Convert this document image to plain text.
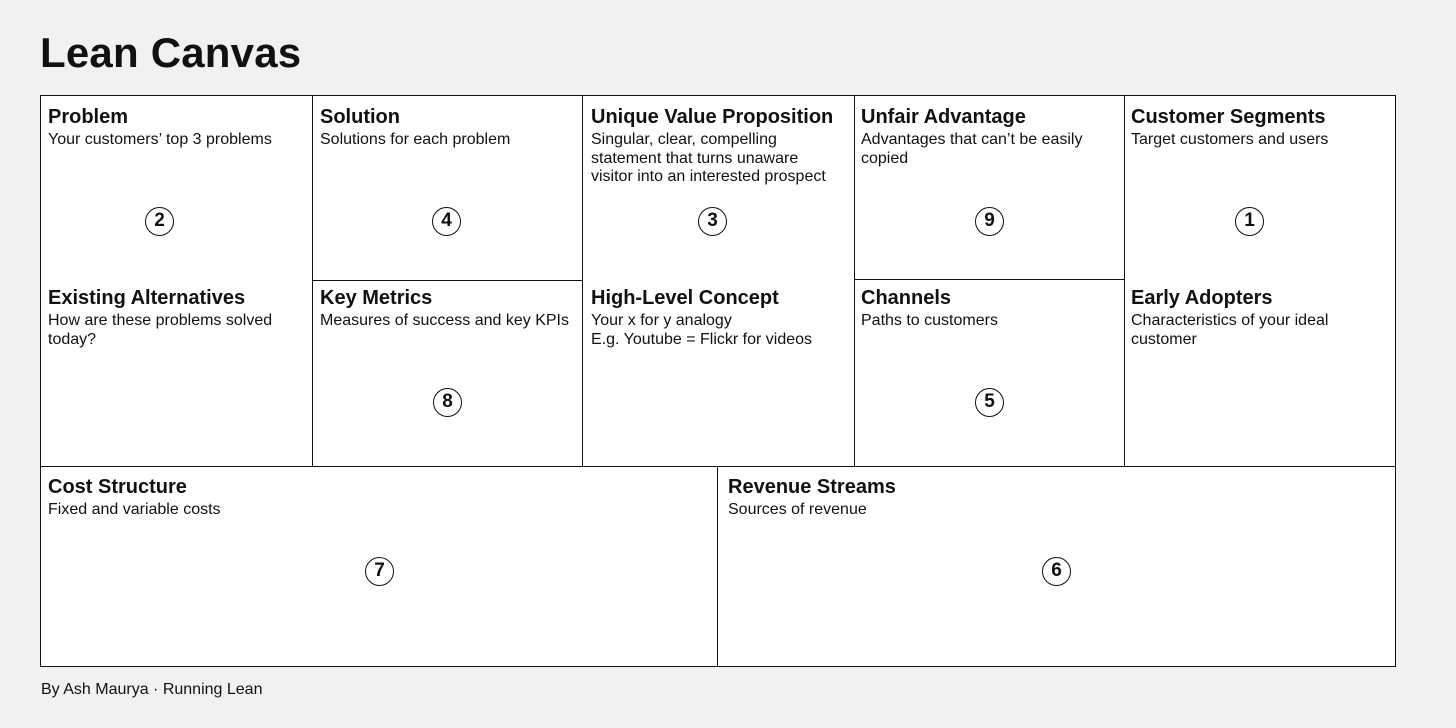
Lean Canvas
Problem

Your customers’ top 3 problems

2
Existing Alternatives

How are these problems solved
today?

Solution

Solutions for each problem

4
Key Metrics

Measures of success and key KPIs

8
Unique Value Proposition

Singular, clear, compelling
statement that turns unaware
visitor into an interested prospect

3
High-Level Concept

Your x for y analogy
E.g. Youtube = Flickr for videos

Unfair Advantage

Advantages that can’t be easily
copied

9
Channels

Paths to customers

5
Customer Segments

Target customers and users

1
Early Adopters

Characteristics of your ideal
customer

Cost Structure

Fixed and variable costs

7
Revenue Streams

Sources of revenue

6

By Ash Maurya · Running Lean
